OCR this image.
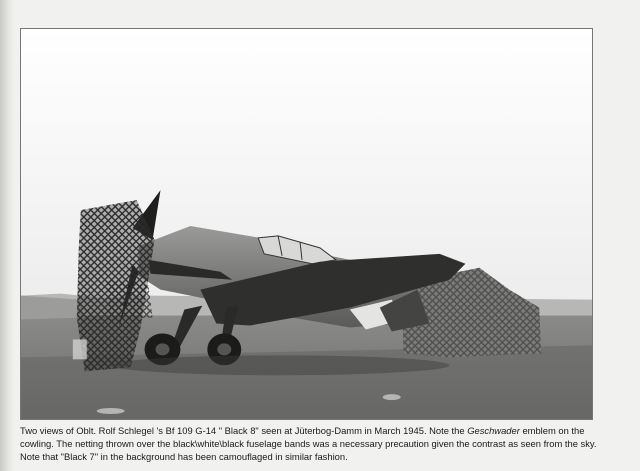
Two views of Oblt. Rolf Schlegel 's Bf 109 G-14 " Black 8" seen at Jüterbog-Damm in March 1945. Note the Geschwader emblem on the cowling. The netting thrown over the black\white\black fuselage bands was a necessary precaution given the contrast as seen from the sky. Note that "Black 7" in the background has been camouflaged in similar fashion.
